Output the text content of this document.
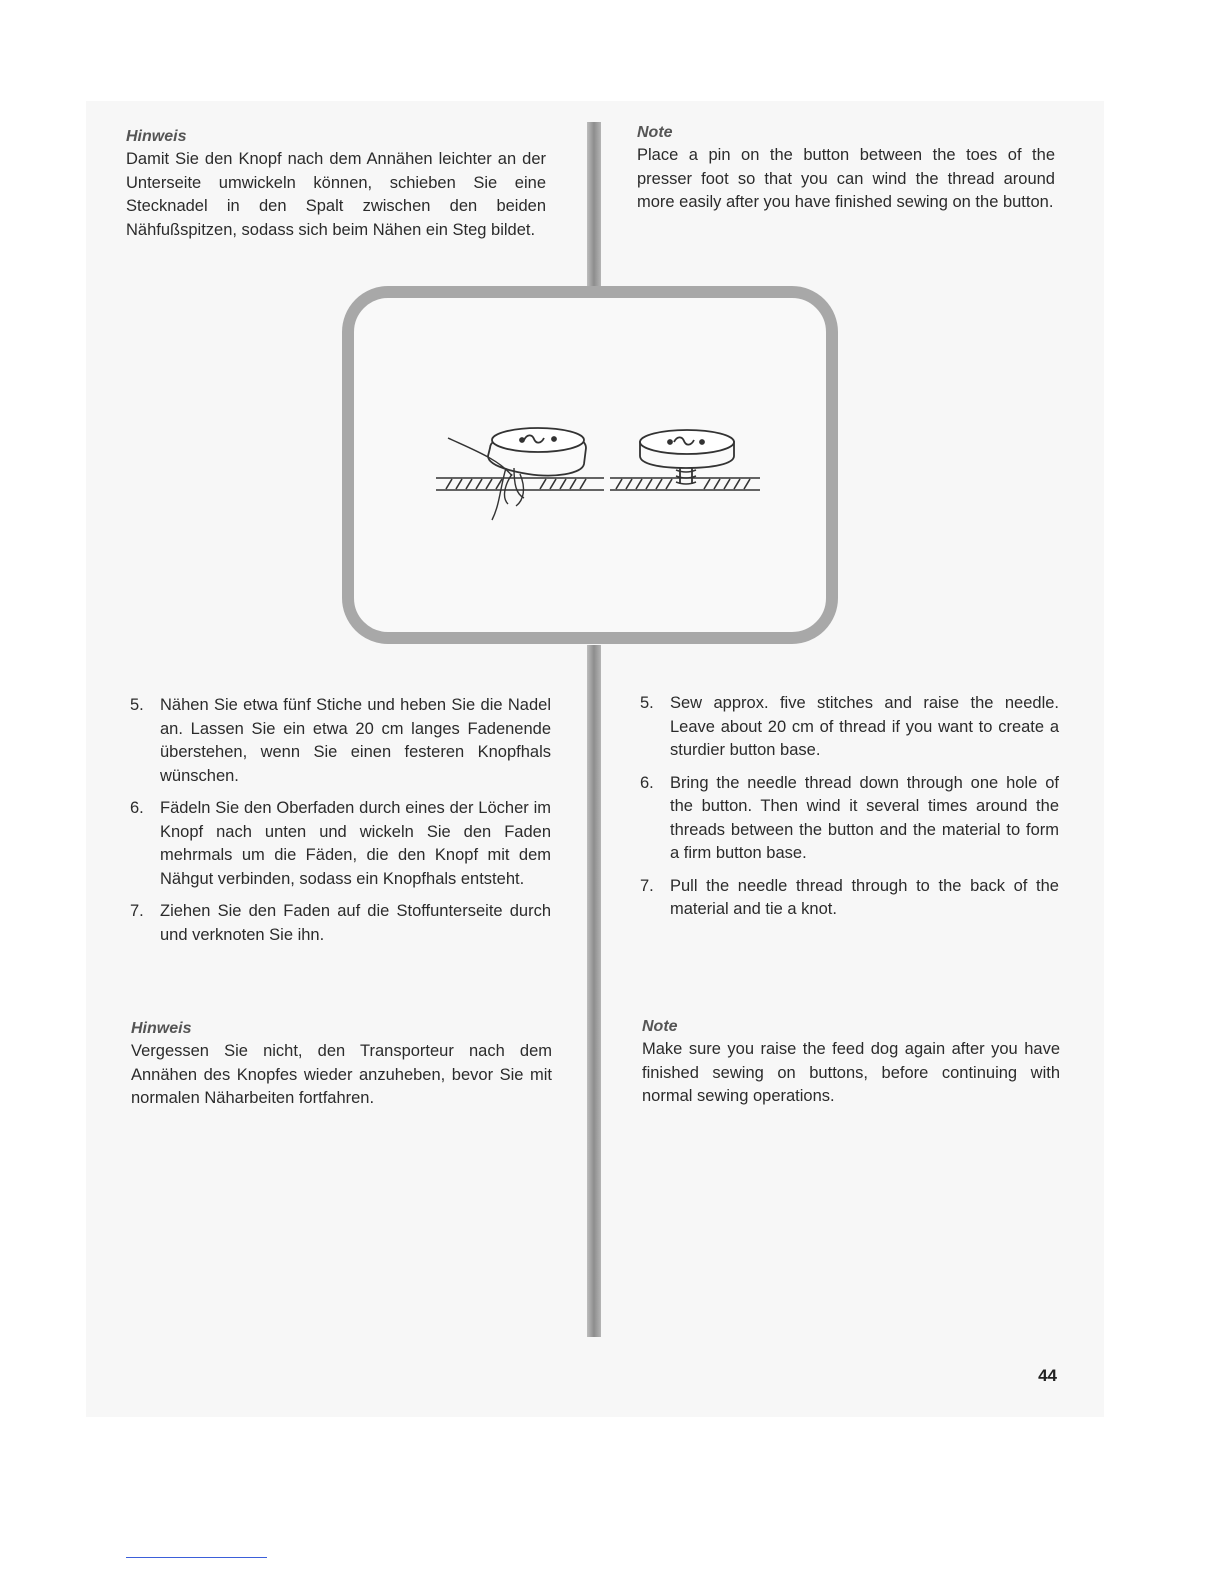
Hinweis

Damit Sie den Knopf nach dem Annähen leichter an der Unterseite umwickeln können, schieben Sie eine Stecknadel in den Spalt zwischen den beiden Nähfußspitzen, sodass sich beim Nähen ein Steg bildet.

Note

Place a pin on the button between the toes of the presser foot so that you can wind the thread around more easily after you have finished sewing on the button.

5. Nähen Sie etwa fünf Stiche und heben Sie die Nadel an. Lassen Sie ein etwa 20 cm langes Fadenende überstehen, wenn Sie einen festeren Knopfhals wünschen.
6. Fädeln Sie den Oberfaden durch eines der Löcher im Knopf nach unten und wickeln Sie den Faden mehrmals um die Fäden, die den Knopf mit dem Nähgut verbinden, sodass ein Knopfhals entsteht.
7. Ziehen Sie den Faden auf die Stoffunterseite durch und verknoten Sie ihn.
5. Sew approx. five stitches and raise the needle. Leave about 20 cm of thread if you want to create a sturdier button base.
6. Bring the needle thread down through one hole of the button. Then wind it several times around the threads between the button and the material to form a firm button base.
7. Pull the needle thread through to the back of the material and tie a knot.
Hinweis

Vergessen Sie nicht, den Transporteur nach dem Annähen des Knopfes wieder anzuheben, bevor Sie mit normalen Näharbeiten fortfahren.

Note

Make sure you raise the feed dog again after you have finished sewing on buttons, before continuing with normal sewing operations.

44
